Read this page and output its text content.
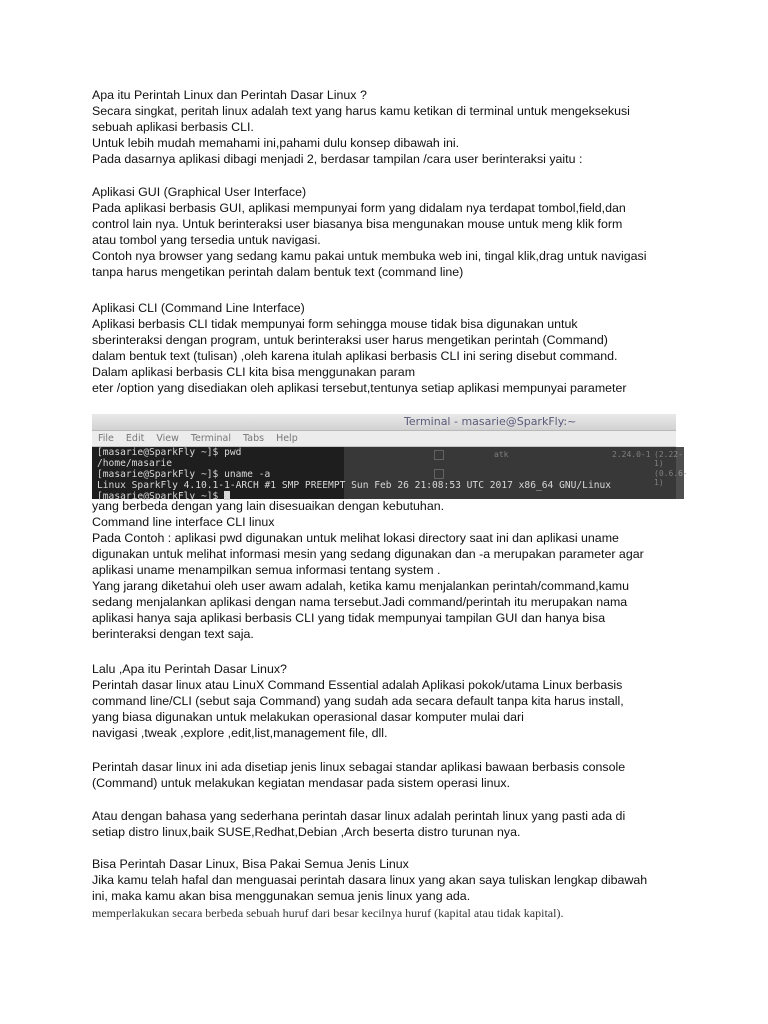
Apa itu Perintah Linux dan Perintah Dasar Linux ?

Secara singkat, peritah linux adalah text yang harus kamu ketikan di terminal untuk mengeksekusi

sebuah aplikasi berbasis CLI.

Untuk lebih mudah memahami ini,pahami dulu konsep dibawah ini.

Pada dasarnya aplikasi dibagi menjadi 2, berdasar tampilan /cara user berinteraksi yaitu :

Aplikasi GUI (Graphical User Interface)

Pada aplikasi berbasis GUI, aplikasi mempunyai form yang didalam nya terdapat tombol,field,dan

control lain nya. Untuk berinteraksi user biasanya bisa mengunakan mouse untuk meng klik form

atau tombol yang tersedia untuk navigasi.

Contoh nya browser yang sedang kamu pakai untuk membuka web ini, tingal klik,drag untuk navigasi

tanpa harus mengetikan perintah dalam bentuk text (command line)

Aplikasi CLI (Command Line Interface)

Aplikasi berbasis CLI tidak mempunyai form sehingga mouse tidak bisa digunakan untuk

sberinteraksi dengan program, untuk berinteraksi user harus mengetikan perintah (Command)

dalam bentuk text (tulisan) ,oleh karena itulah aplikasi berbasis CLI ini sering disebut command.

Dalam aplikasi berbasis CLI kita bisa menggunakan param

eter /option yang disediakan oleh aplikasi tersebut,tentunya setiap aplikasi mempunyai parameter

Terminal - masarie@SparkFly:~
File Edit View Terminal Tabs Help
atk	2.24.0-1 (2.22-1)
(0.6.6-1)
[masarie@SparkFly ~]$ pwd
/home/masarie
[masarie@SparkFly ~]$ uname -a
Linux SparkFly 4.10.1-1-ARCH #1 SMP PREEMPT Sun Feb 26 21:08:53 UTC 2017 x86_64 GNU/Linux
[masarie@SparkFly ~]$

yang berbeda dengan yang lain disesuaikan dengan kebutuhan.

Command line interface CLI linux

Pada Contoh : aplikasi pwd digunakan untuk melihat lokasi directory saat ini dan aplikasi uname

digunakan untuk melihat informasi mesin yang sedang digunakan dan -a merupakan parameter agar

aplikasi uname menampilkan semua informasi tentang system .

Yang jarang diketahui oleh user awam adalah, ketika kamu menjalankan perintah/command,kamu

sedang menjalankan aplikasi dengan nama tersebut.Jadi command/perintah itu merupakan nama

aplikasi hanya saja aplikasi berbasis CLI yang tidak mempunyai tampilan GUI dan hanya bisa

berinteraksi dengan text saja.

Lalu ,Apa itu Perintah Dasar Linux?

Perintah dasar linux atau LinuX Command Essential adalah Aplikasi pokok/utama Linux berbasis

command line/CLI (sebut saja Command) yang sudah ada secara default tanpa kita harus install,

yang biasa digunakan untuk melakukan operasional dasar komputer mulai dari

navigasi ,tweak ,explore ,edit,list,management file, dll.

Perintah dasar linux ini ada disetiap jenis linux sebagai standar aplikasi bawaan berbasis console

(Command) untuk melakukan kegiatan mendasar pada sistem operasi linux.

Atau dengan bahasa yang sederhana perintah dasar linux adalah perintah linux yang pasti ada di

setiap distro linux,baik SUSE,Redhat,Debian ,Arch beserta distro turunan nya.

Bisa Perintah Dasar Linux, Bisa Pakai Semua Jenis Linux

Jika kamu telah hafal dan menguasai perintah dasara linux yang akan saya tuliskan lengkap dibawah

ini, maka kamu akan bisa menggunakan semua jenis linux yang ada.

memperlakukan secara berbeda sebuah huruf dari besar kecilnya huruf (kapital atau tidak kapital).
